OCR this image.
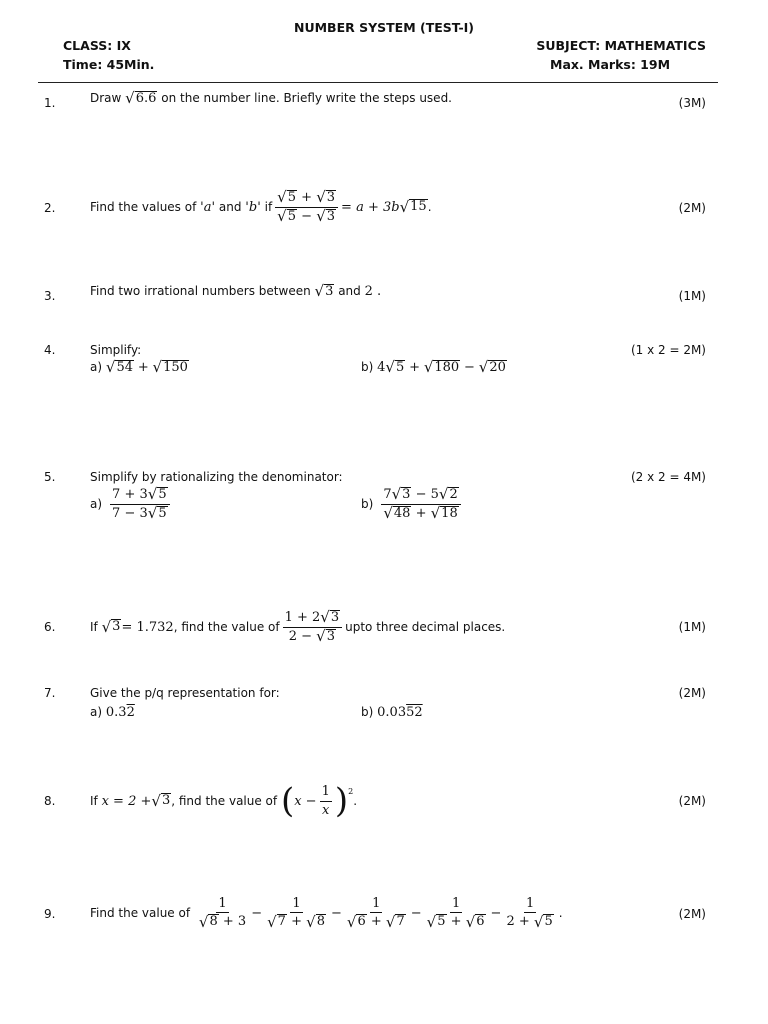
NUMBER SYSTEM (TEST-I)
CLASS: IX	SUBJECT: MATHEMATICS
Time: 45Min.	Max. Marks: 19M
1.	Draw √ 6.6 on the number line. Briefly write the steps used.	(3M)
2.	Find the values of
'a'
and
'b'
if $\frac{√ 5 + √ 3}{√ 5 - √ 3} = a + 3b$ √ 15 .	(2M)
3.	Find two irrational numbers between √ 3 and 2 .	(1M)
4.	Simplify:	(1 x 2 = 2M)
a) √ 54 + √ 150	b) 4 √ 5 + √ 180 − √ 20
5.	Simplify by rationalizing the denominator:	(2 x 2 = 4M)
$a) \frac{7 + 3 √ 5}{7 - 3 √ 5}$	$b) \frac{7 √ 3 - 5 √ 2}{√ 48 + √ 18}$
6.	If
√ 3 = 1.732 , find the value of $\frac{1 + 2 √ 3}{2 - √ 3}$ upto three decimal places.	(1M)
7.	Give the p/q representation for:	(2M)
a) 0.32	b) 0.0352
8.	If
x = 2 + √ 3 , find the value of
( $x - \frac{1}{x}$ ) 2
.	(2M)
9.	Find the value of
$\frac{1}{√ 8 + 3} - \frac{1}{√ 7 + √ 8} - \frac{1}{√ 6 + √ 7} - \frac{1}{√ 5 + √ 6} - \frac{1}{2 + √ 5}$ .	(2M)
